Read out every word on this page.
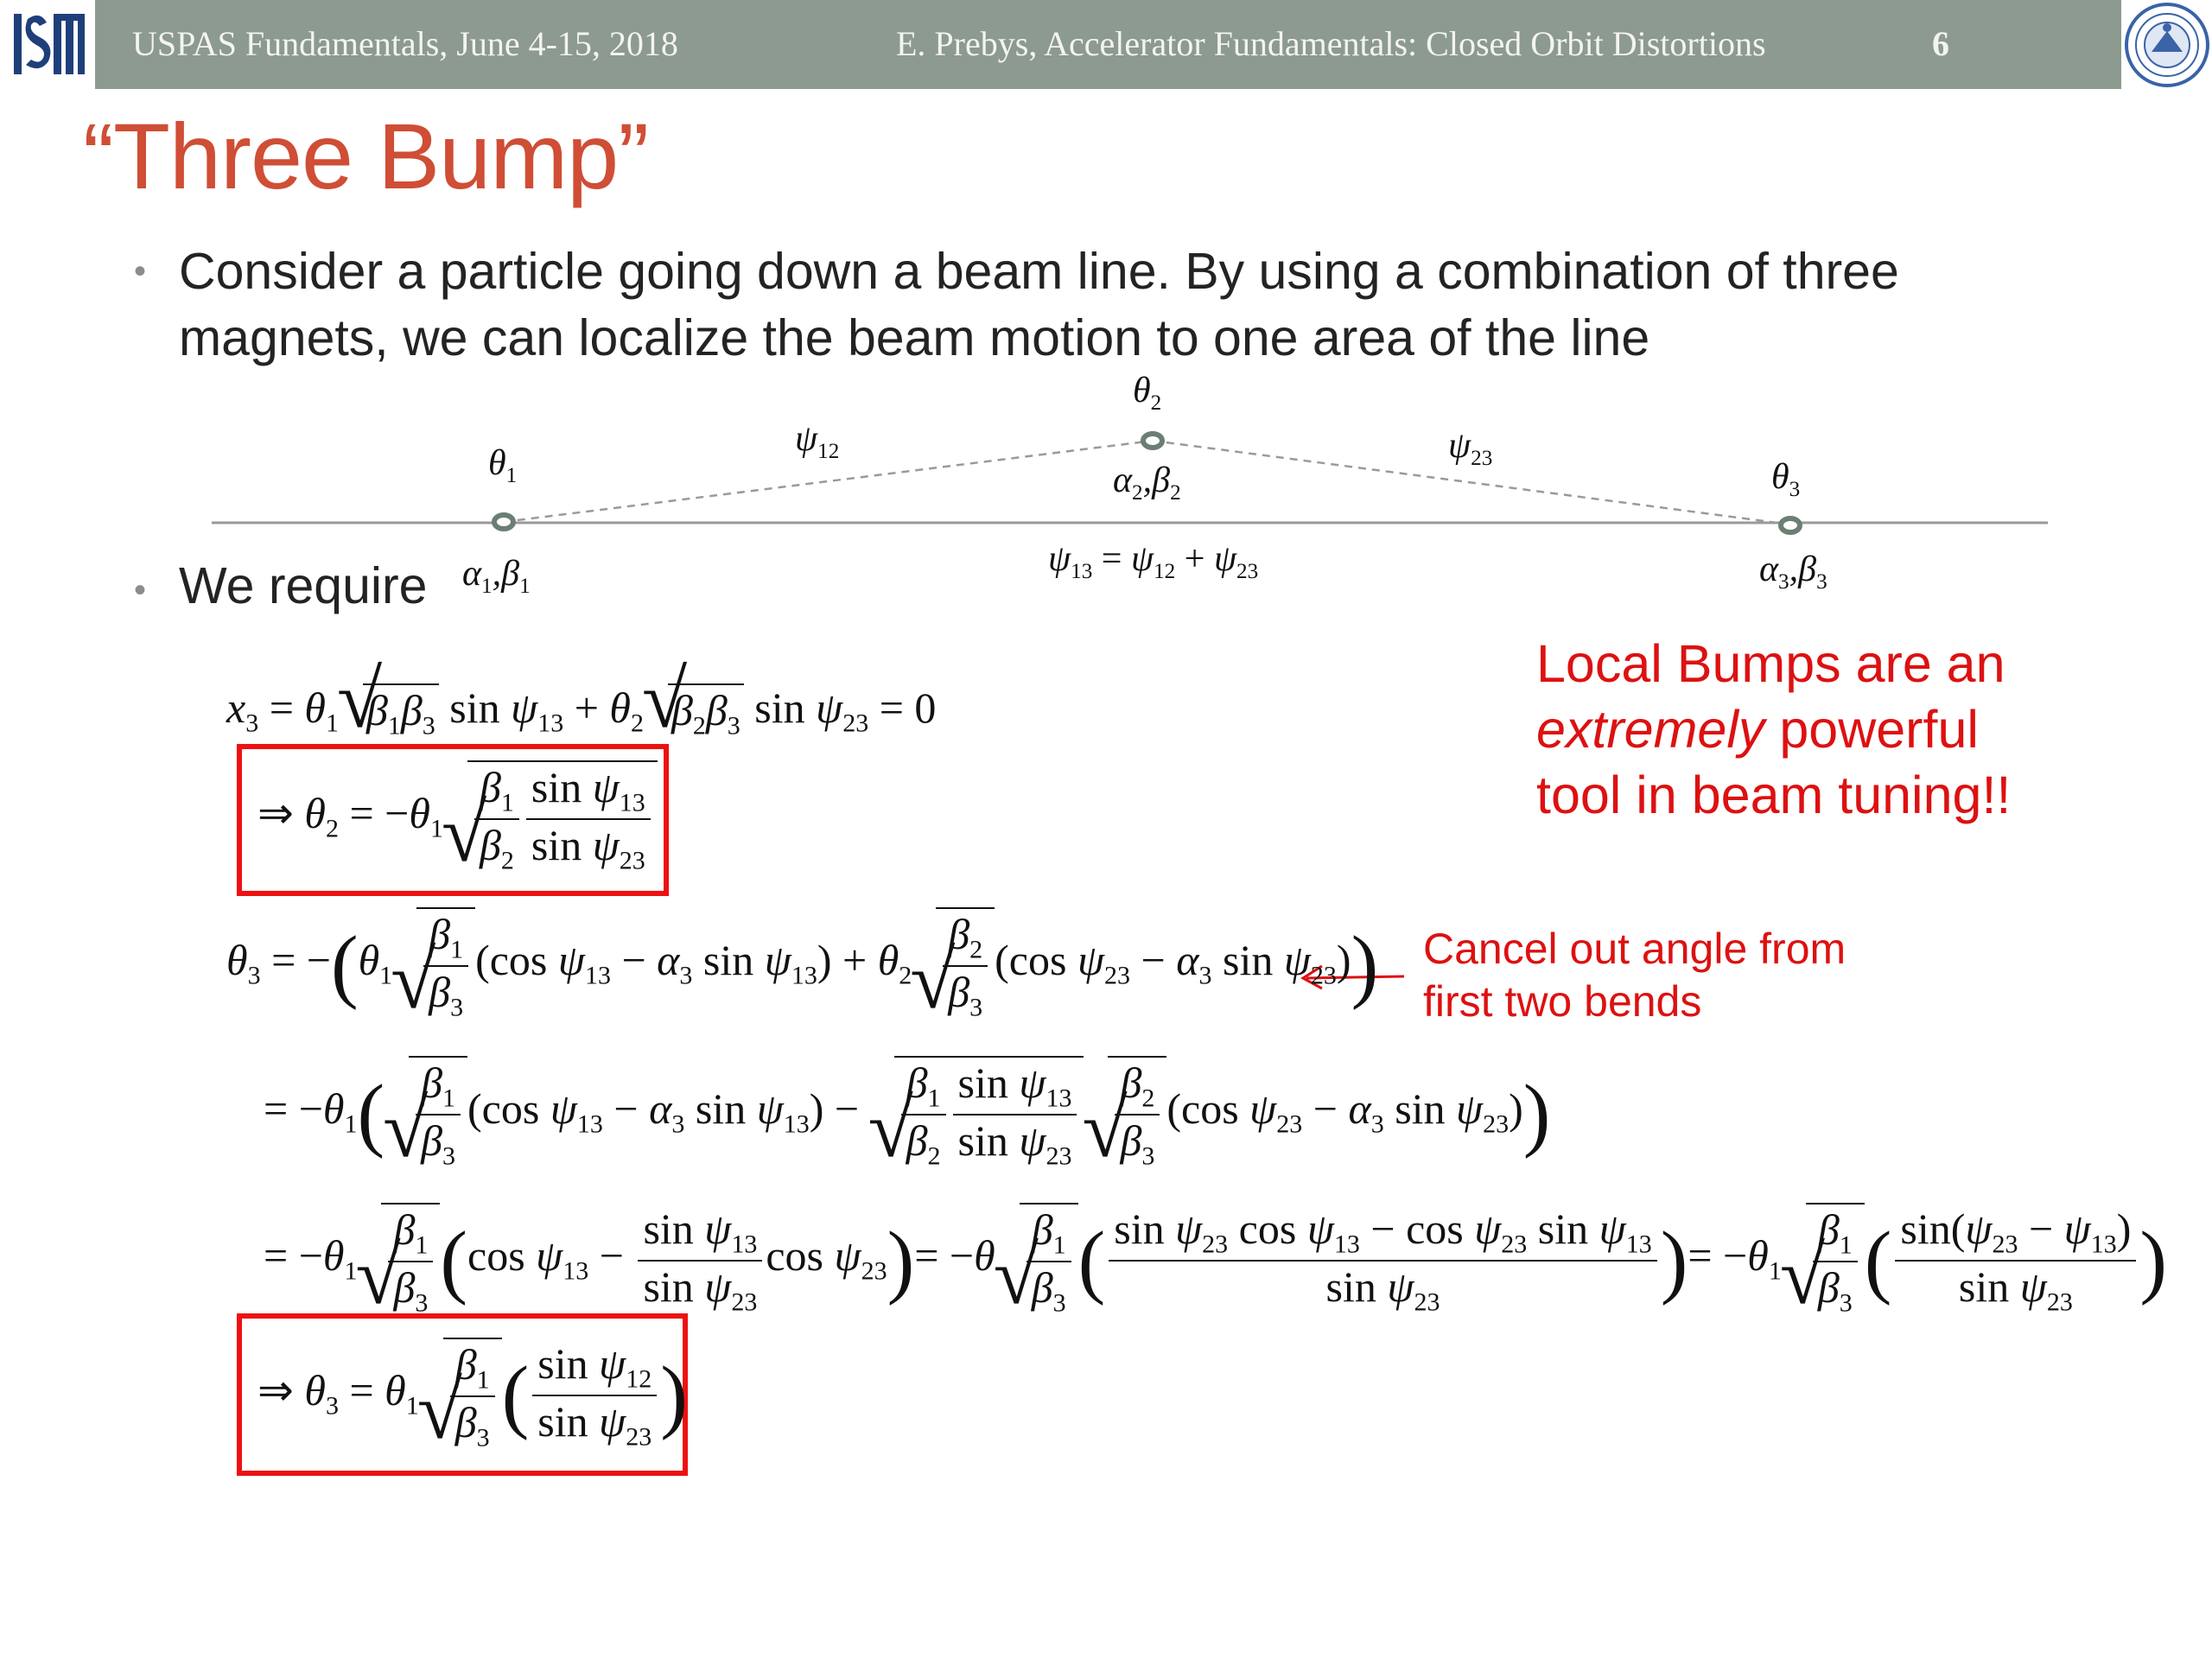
USPAS Fundamentals, June 4-15, 2018	E. Prebys, Accelerator Fundamentals: Closed Orbit Distortions	6
“Three Bump”
• Consider a particle going down a beam line. By using a combination of three
magnets, we can localize the beam motion to one area of the line
$\theta_1$
$\theta_2$
$\theta_3$
$\psi_{12}$	$\psi_{23}$
$\alpha_2,\beta_2$
$\psi_{13} = \psi_{12} + \psi_{23}$	$\alpha_3,\beta_3$
• We require $\alpha_1,\beta_1$
Local Bumps are an
extremely powerful
tool in beam tuning!!
Cancel out angle from
first two bends
$x_3 = \theta_1√$ $\beta_1\beta_3$ $\sin \psi_{13} + \theta_2√$ $\beta_2\beta_3$ $\sin \psi_{23} = 0$
⇒ $\theta_2 = -\theta_1$
√ $\frac{\beta_1}{\beta_2} \frac{\sin \psi_{13}}{\sin \psi_{23}}$
$\theta_3 = -(\theta_1$
√ $\frac{\beta_1}{\beta_3} (\cos$ $\psi_{13} - \alpha_3$ $\sin \psi_{13}) + \theta_2$
√ $\frac{\beta_2}{\beta_3} (\cos$ $\psi_{23} - \alpha_3$ $\sin \psi_{23}$))
= $-\theta_1$(
√ $\frac{\beta_1}{\beta_3} (\cos$ $\psi_{13} - \alpha_3$ $\sin \psi_{13}$) −
√ $\frac{\beta_1}{\beta_2} \frac{\sin \psi_{13}}{\sin \psi_{23}}$
√ $\frac{\beta_2}{\beta_3} (\cos$ $\psi_{23} - \alpha_3$ $\sin \psi_{23}$))
= $-\theta_1$
√ $\frac{\beta_1}{\beta_3} (\cos$ $\psi_{13} - \frac{\sin \psi_{13}}{\sin \psi_{23}}$ $\cos \psi_{23})= -\theta$
√ $\frac{\beta_1}{\beta_3}$ ( $\frac{\sin \psi_{23} \cos \psi_{13} - \cos \psi_{23} \sin \psi_{13}}{\sin \psi_{23}}$ )= $-\theta_1$
√ $\frac{\beta_1}{\beta_3}$ ( $\frac{\sin(\psi_{23} - \psi_{13})}{\sin \psi_{23}}$ )
⇒ $\theta_3 = \theta_1$
√ $\frac{\beta_1}{\beta_3}$ ( $\frac{\sin \psi_{12}}{\sin \psi_{23}}$ )
